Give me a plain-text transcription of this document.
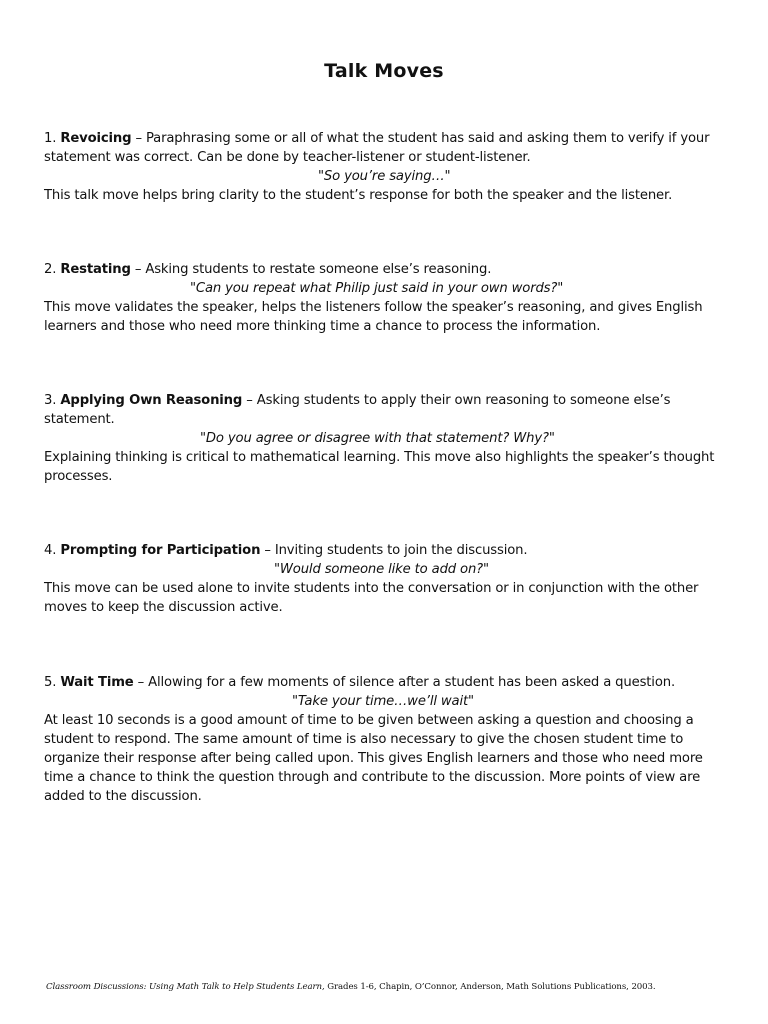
Talk Moves

1. Revoicing – Paraphrasing some or all of what the student has said and asking them to verify if your statement was correct. Can be done by teacher-listener or student-listener.

"So you’re saying…"

This talk move helps bring clarity to the student’s response for both the speaker and the listener.

2. Restating – Asking students to restate someone else’s reasoning.

"Can you repeat what Philip just said in your own words?"

This move validates the speaker, helps the listeners follow the speaker’s reasoning, and gives English learners and those who need more thinking time a chance to process the information.

3. Applying Own Reasoning – Asking students to apply their own reasoning to someone else’s statement.

"Do you agree or disagree with that statement? Why?"

Explaining thinking is critical to mathematical learning. This move also highlights the speaker’s thought processes.

4. Prompting for Participation – Inviting students to join the discussion.

"Would someone like to add on?"

This move can be used alone to invite students into the conversation or in conjunction with the other moves to keep the discussion active.

5. Wait Time – Allowing for a few moments of silence after a student has been asked a question.

"Take your time…we’ll wait"

At least 10 seconds is a good amount of time to be given between asking a question and choosing a student to respond. The same amount of time is also necessary to give the chosen student time to organize their response after being called upon. This gives English learners and those who need more time a chance to think the question through and contribute to the discussion. More points of view are added to the discussion.

Classroom Discussions: Using Math Talk to Help Students Learn, Grades 1-6, Chapin, O’Connor, Anderson, Math Solutions Publications, 2003.
